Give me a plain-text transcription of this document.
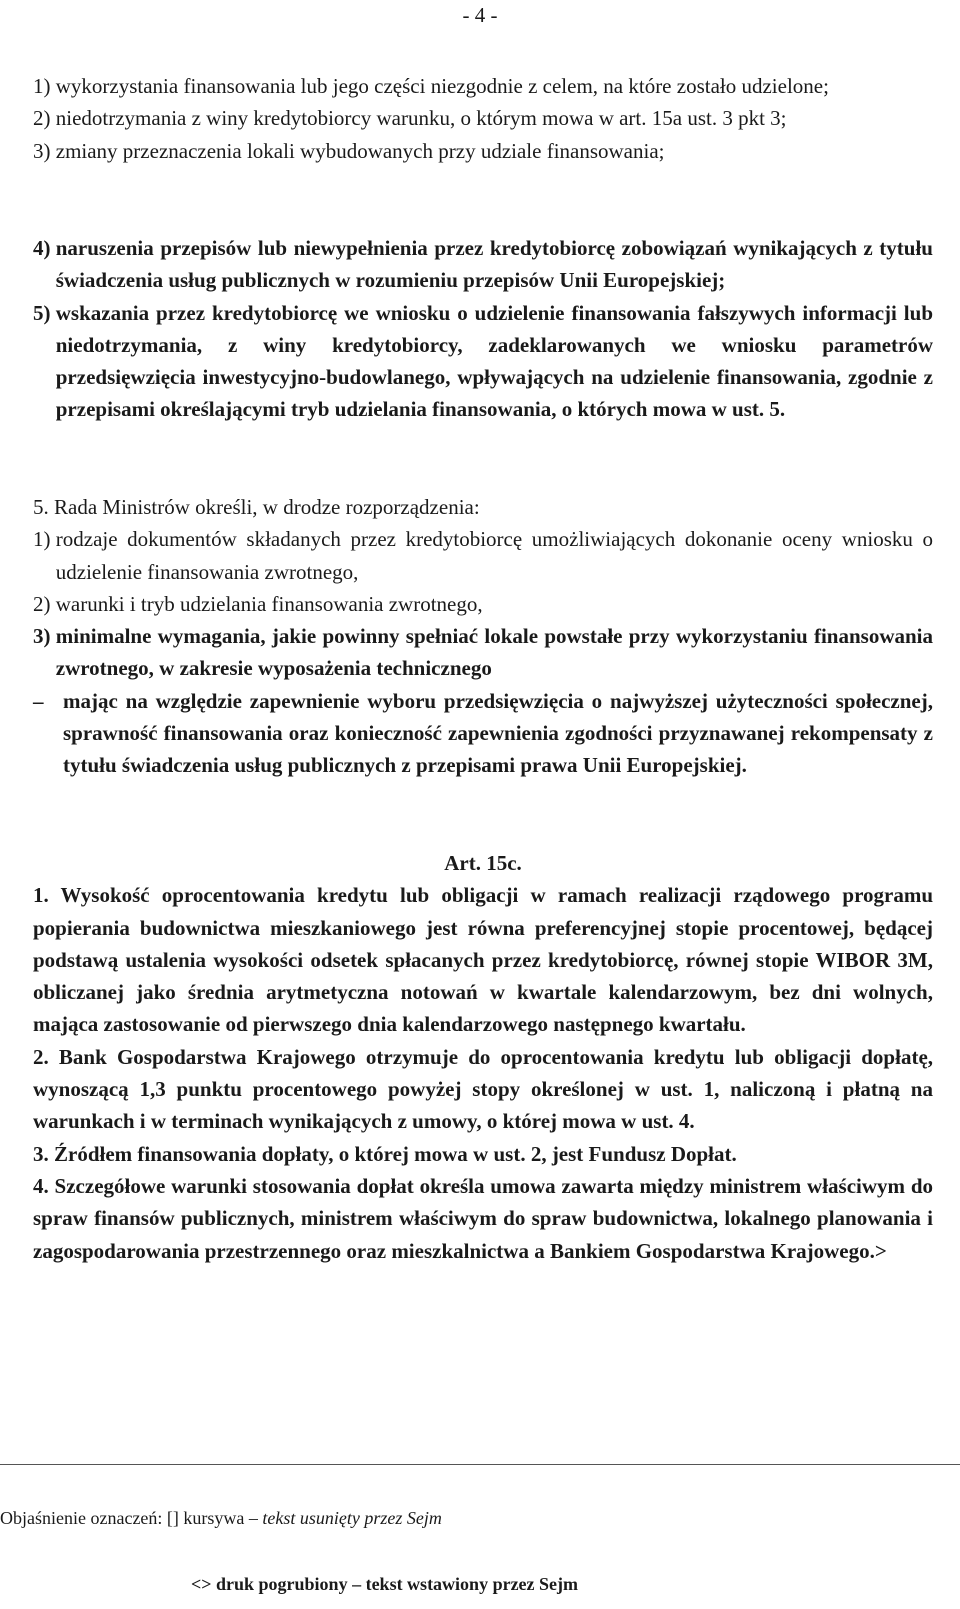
- 4 -
1)
wykorzystania finansowania lub jego części niezgodnie z celem, na które zostało udzielone;
2)
niedotrzymania z winy kredytobiorcy warunku, o którym mowa w art. 15a ust. 3 pkt 3;
3)
zmiany przeznaczenia lokali wybudowanych przy udziale finansowania;
4)
naruszenia przepisów lub niewypełnienia przez kredytobiorcę zobowiązań wynikających z tytułu świadczenia usług publicznych w rozumieniu przepisów Unii Europejskiej;
5)
wskazania przez kredytobiorcę we wniosku o udzielenie finansowania fałszywych informacji lub niedotrzymania, z winy kredytobiorcy, zadeklarowanych we wniosku parametrów przedsięwzięcia inwestycyjno-budowlanego, wpływających na udzielenie finansowania, zgodnie z przepisami określającymi tryb udzielania finansowania, o których mowa w ust. 5.
5. Rada Ministrów określi, w drodze rozporządzenia:
1)
rodzaje dokumentów składanych przez kredytobiorcę umożliwiających dokonanie oceny wniosku o udzielenie finansowania zwrotnego,
2)
warunki i tryb udzielania finansowania zwrotnego,
3)
minimalne wymagania, jakie powinny spełniać lokale powstałe przy wykorzystaniu finansowania zwrotnego, w zakresie wyposażenia technicznego
– mając na względzie zapewnienie wyboru przedsięwzięcia o najwyższej użyteczności społecznej, sprawność finansowania oraz konieczność zapewnienia zgodności przyznawanej rekompensaty z tytułu świadczenia usług publicznych z przepisami prawa Unii Europejskiej.
Art. 15c.
1. Wysokość oprocentowania kredytu lub obligacji w ramach realizacji rządowego programu popierania budownictwa mieszkaniowego jest równa preferencyjnej stopie procentowej, będącej podstawą ustalenia wysokości odsetek spłacanych przez kredytobiorcę, równej stopie WIBOR 3M, obliczanej jako średnia arytmetyczna notowań w kwartale kalendarzowym, bez dni wolnych, mająca zastosowanie od pierwszego dnia kalendarzowego następnego kwartału.
2. Bank Gospodarstwa Krajowego otrzymuje do oprocentowania kredytu lub obligacji dopłatę, wynoszącą 1,3 punktu procentowego powyżej stopy określonej w ust. 1, naliczoną i płatną na warunkach i w terminach wynikających z umowy, o której mowa w ust. 4.
3. Źródłem finansowania dopłaty, o której mowa w ust. 2, jest Fundusz Dopłat.
4. Szczegółowe warunki stosowania dopłat określa umowa zawarta między ministrem właściwym do spraw finansów publicznych, ministrem właściwym do spraw budownictwa, lokalnego planowania i zagospodarowania przestrzennego oraz mieszkalnictwa a Bankiem Gospodarstwa Krajowego.>
Objaśnienie oznaczeń: [] kursywa – tekst usunięty przez Sejm
<> druk pogrubiony – tekst wstawiony przez Sejm
